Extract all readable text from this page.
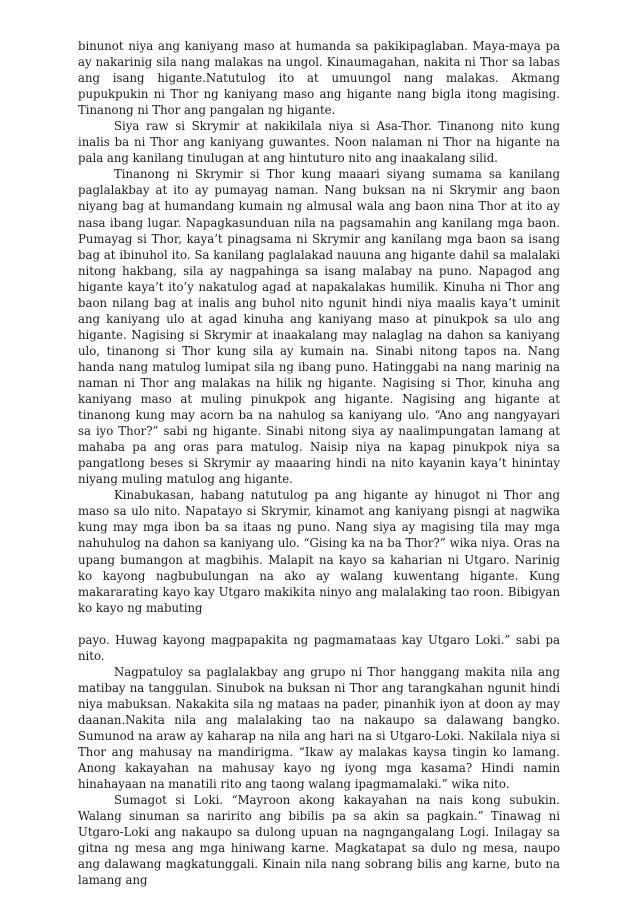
binunot niya ang kaniyang maso at humanda sa pakikipaglaban. Maya-maya pa ay nakarinig sila nang malakas na ungol. Kinaumagahan, nakita ni Thor sa labas ang isang higante.Natutulog ito at umuungol nang malakas. Akmang pupukpukin ni Thor ng kaniyang maso ang higante nang bigla itong magising. Tinanong ni Thor ang pangalan ng higante.

Siya raw si Skrymir at nakikilala niya si Asa-Thor. Tinanong nito kung inalis ba ni Thor ang kaniyang guwantes. Noon nalaman ni Thor na higante na pala ang kanilang tinulugan at ang hintuturo nito ang inaakalang silid.

Tinanong ni Skrymir si Thor kung maaari siyang sumama sa kanilang paglalakbay at ito ay pumayag naman. Nang buksan na ni Skrymir ang baon niyang bag at humandang kumain ng almusal wala ang baon nina Thor at ito ay nasa ibang lugar. Napagkasunduan nila na pagsamahin ang kanilang mga baon. Pumayag si Thor, kaya’t pinagsama ni Skrymir ang kanilang mga baon sa isang bag at ibinuhol ito. Sa kanilang paglalakad nauuna ang higante dahil sa malalaki nitong hakbang, sila ay nagpahinga sa isang malabay na puno. Napagod ang higante kaya’t ito’y nakatulog agad at napakalakas humilik. Kinuha ni Thor ang baon nilang bag at inalis ang buhol nito ngunit hindi niya maalis kaya’t uminit ang kaniyang ulo at agad kinuha ang kaniyang maso at pinukpok sa ulo ang higante. Nagising si Skrymir at inaakalang may nalaglag na dahon sa kaniyang ulo, tinanong si Thor kung sila ay kumain na. Sinabi nitong tapos na. Nang handa nang matulog lumipat sila ng ibang puno. Hatinggabi na nang marinig na naman ni Thor ang malakas na hilik ng higante. Nagising si Thor, kinuha ang kaniyang maso at muling pinukpok ang higante. Nagising ang higante at tinanong kung may acorn ba na nahulog sa kaniyang ulo. “Ano ang nangyayari sa iyo Thor?” sabi ng higante. Sinabi nitong siya ay naalimpungatan lamang at mahaba pa ang oras para matulog. Naisip niya na kapag pinukpok niya sa pangatlong beses si Skrymir ay maaaring hindi na nito kayanin kaya’t hinintay niyang muling matulog ang higante.

Kinabukasan, habang natutulog pa ang higante ay hinugot ni Thor ang maso sa ulo nito. Napatayo si Skrymir, kinamot ang kaniyang pisngi at nagwika kung may mga ibon ba sa itaas ng puno. Nang siya ay magising tila may mga nahuhulog na dahon sa kaniyang ulo. “Gising ka na ba Thor?” wika niya. Oras na upang bumangon at magbihis. Malapit na kayo sa kaharian ni Utgaro. Narinig ko kayong nagbubulungan na ako ay walang kuwentang higante. Kung makararating kayo kay Utgaro makikita ninyo ang malalaking tao roon. Bibigyan ko kayo ng mabuting

payo. Huwag kayong magpapakita ng pagmamataas kay Utgaro Loki.” sabi pa nito.

Nagpatuloy sa paglalakbay ang grupo ni Thor hanggang makita nila ang matibay na tanggulan. Sinubok na buksan ni Thor ang tarangkahan ngunit hindi niya mabuksan. Nakakita sila ng mataas na pader, pinanhik iyon at doon ay may daanan.Nakita nila ang malalaking tao na nakaupo sa dalawang bangko. Sumunod na araw ay kaharap na nila ang hari na si Utgaro-Loki. Nakilala niya si Thor ang mahusay na mandirigma. “Ikaw ay malakas kaysa tingin ko lamang. Anong kakayahan na mahusay kayo ng iyong mga kasama? Hindi namin hinahayaan na manatili rito ang taong walang ipagmamalaki.” wika nito.

Sumagot si Loki. “Mayroon akong kakayahan na nais kong subukin. Walang sinuman sa naririto ang bibilis pa sa akin sa pagkain.” Tinawag ni Utgaro-Loki ang nakaupo sa dulong upuan na nagngangalang Logi. Inilagay sa gitna ng mesa ang mga hiniwang karne. Magkatapat sa dulo ng mesa, naupo ang dalawang magkatunggali. Kinain nila nang sobrang bilis ang karne, buto na lamang ang
